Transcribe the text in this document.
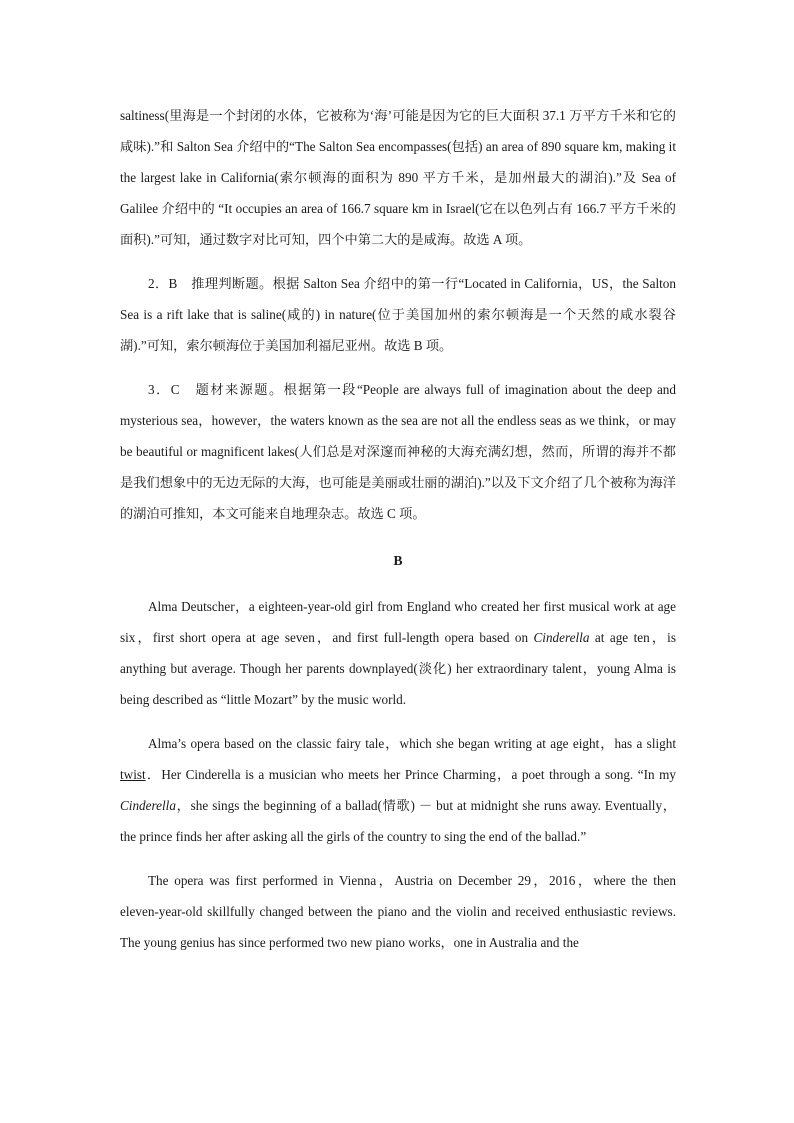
saltiness(里海是一个封闭的水体，它被称为‘海’可能是因为它的巨大面积 37.1 万平方千米和它的咸味).”和 Salton Sea 介绍中的“The Salton Sea encompasses(包括) an area of 890 square km, making it the largest lake in California(索尔顿海的面积为 890 平方千米，是加州最大的湖泊).”及 Sea of Galilee 介绍中的 “It occupies an area of 166.7 square km in Israel(它在以色列占有 166.7 平方千米的面积).”可知，通过数字对比可知，四个中第二大的是咸海。故选 A 项。

2．B　推理判断题。根据 Salton Sea 介绍中的第一行“Located in California，US，the Salton Sea is a rift lake that is saline(咸的) in nature(位于美国加州的索尔顿海是一个天然的咸水裂谷湖).”可知，索尔顿海位于美国加利福尼亚州。故选 B 项。

3．C　题材来源题。根据第一段“People are always full of imagination about the deep and mysterious sea，however，the waters known as the sea are not all the endless seas as we think，or may be beautiful or magnificent lakes(人们总是对深邃而神秘的大海充满幻想，然而，所谓的海并不都是我们想象中的无边无际的大海，也可能是美丽或壮丽的湖泊).”以及下文介绍了几个被称为海洋的湖泊可推知，本文可能来自地理杂志。故选 C 项。

B

Alma Deutscher，a eighteen-year-old girl from England who created her first musical work at age six，first short opera at age seven，and first full-length opera based on Cinderella at age ten，is anything but average. Though her parents downplayed(淡化) her extraordinary talent，young Alma is being described as “little Mozart” by the music world.

Alma’s opera based on the classic fairy tale，which she began writing at age eight，has a slight twist．Her Cinderella is a musician who meets her Prince Charming，a poet through a song. “In my Cinderella，she sings the beginning of a ballad(情歌) － but at midnight she runs away. Eventually，the prince finds her after asking all the girls of the country to sing the end of the ballad.”

The opera was first performed in Vienna，Austria on December 29，2016，where the then eleven-year-old skillfully changed between the piano and the violin and received enthusiastic reviews. The young genius has since performed two new piano works，one in Australia and the
